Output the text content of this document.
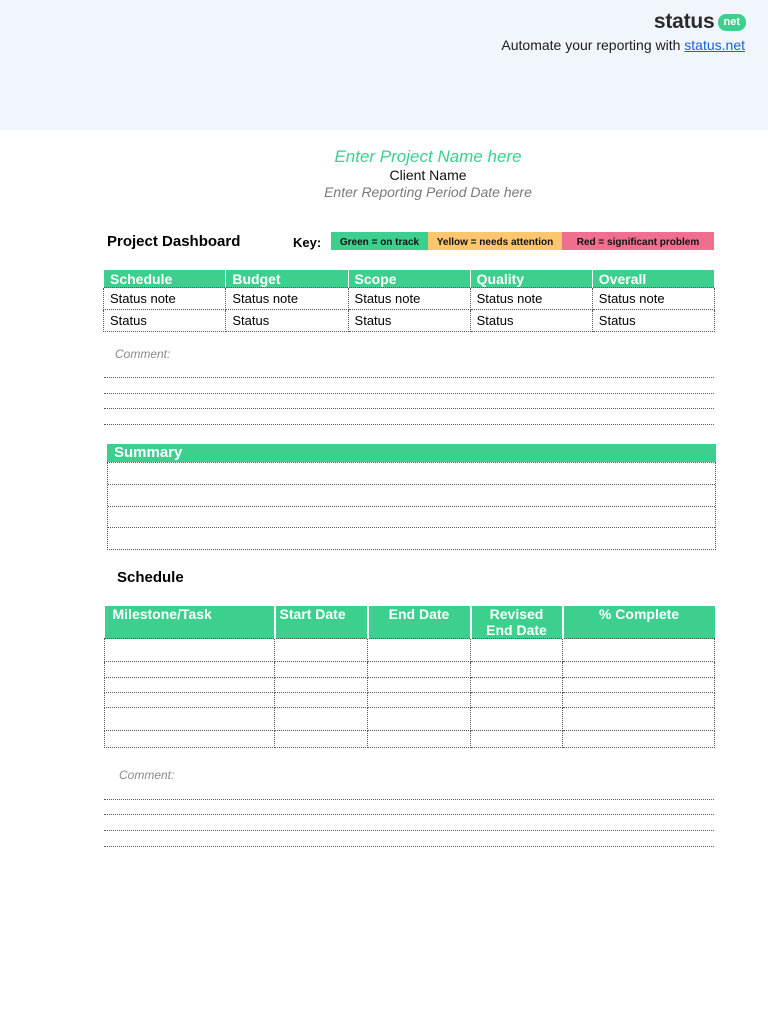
status net
Automate your reporting with status.net
Enter Project Name here
Client Name
Enter Reporting Period Date here
Project Dashboard	Key:	Green = on track	Yellow = needs attention	Red = significant problem
Schedule	Budget	Scope	Quality	Overall
Status note	Status note	Status note	Status note	Status note
Status	Status	Status	Status	Status
Comment:
Summary
Schedule
Milestone/Task	Start Date	End Date	Revised End Date	% Complete

Comment:
